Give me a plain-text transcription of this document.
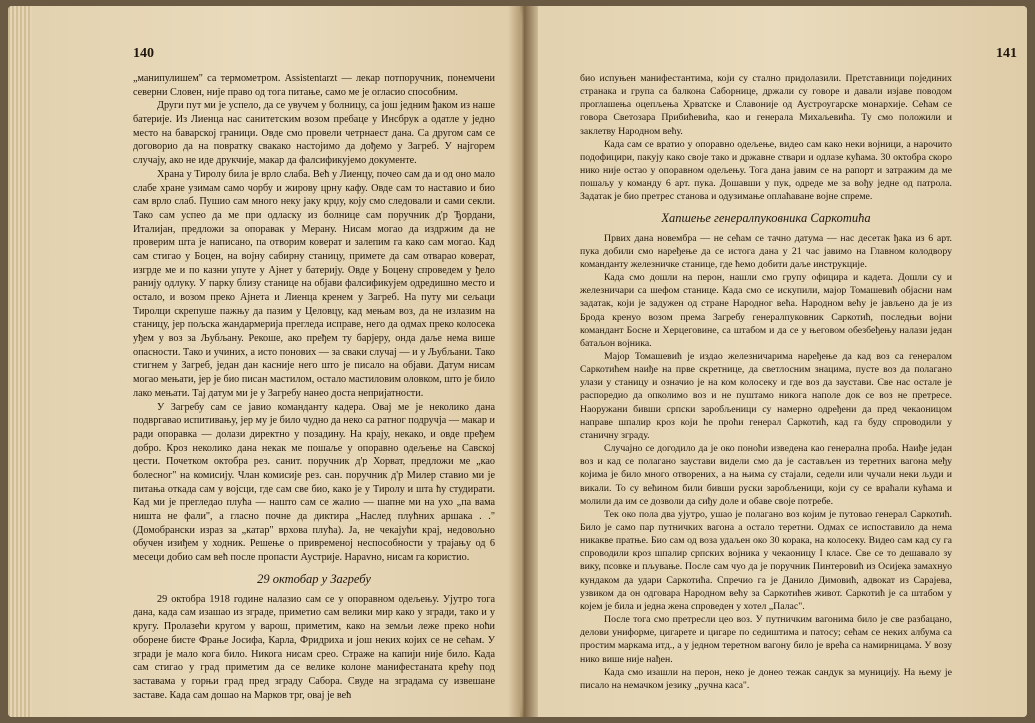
140

„манипулишем" са термометром. Assistentarzt — лекар потпоручник, понемчени северни Словен, није право од тога питање, само ме је огласио способним.

Други пут ми је успело, да се увучем у болницу, са још једним ђаком из наше батерије. Из Лиенца нас санитетским возом пребаце у Инсбрук а одатле у једно место на баварској граници. Овде смо провели четрнаест дана. Са другом сам се договорио да на повратку свакако настојимо да дођемо у Загреб. У најгорем случају, ако не иде друкчије, макар да фалсификујемо документе.

Храна у Тиролу била је врло слаба. Већ у Лиенцу, почео сам да и од оно мало слабе хране узимам само чорбу и жирову црну кафу. Овде сам то наставио и био сам врло слаб. Пушио сам много неку јаку крџу, коју смо следовали и сами секли. Тако сам успео да ме при одласку из болнице сам поручник д'р Ђордани, Италијан, предложи за опоравак у Мерану. Нисам могао да издржим да не проверим шта је написано, па отворим коверат и залепим га како сам могао. Кад сам стигао у Боцен, на војну сабирну станицу, примете да сам отварао коверат, изгрде ме и по казни упуте у Ајнет у батерију. Овде у Боцену спроведем у ђело ранију одлуку. У парку близу станице на објави фалсификујем одредишно место и остало, и возом преко Ајнета и Лиенца кренем у Загреб. На путу ми сељаци Тиролци скрепуше пажњу да пазим у Целовцу, кад мењам воз, да не излазим на станицу, јер пољска жандармерија прегледа исправе, него да одмах преко колосека уђем у воз за Љубљану. Рекоше, ако пређем ту барјеру, онда даље нема више опасности. Тако и учиних, а исто понових — за сваки случај — и у Љубљани. Тако стигнем у Загреб, један дан касније него што је писало на објави. Датум нисам могао мењати, јер је био писан мастилом, остало мастиловим оловком, што је било лако мењати. Тај датум ми је у Загребу нанео доста непријатности.

У Загребу сам се јавио команданту кадера. Овај ме је неколико дана подвргавао испитивању, јер му је било чудно да неко са ратног подручја — макар и ради опоравка — долази директно у позадину. На крају, некако, и овде пређем добро. Кроз неколико дана некак ме пошаље у опоравно одељење на Савској цести. Почетком октобра рез. санит. поручник д'р Хорват, предложи ме „као болесног" на комисију. Члан комисије рез. сан. поручник д'р Милер ставио ми је питања откада сам у војсци, где сам све био, како је у Тиролу и шта ћу студирати. Кад ми је прегледао плућа — нашто сам се жалио — шапне ми на ухо „па вама ништа не фали", а гласно почне да диктира „Наслед плућних аршака . ." (Домобрански израз за „катар" врхова плућа). Ја, не чекајући крај, недовољно обучен изиђем у ходник. Решење о привременој неспособности у трајању од 6 месеци добио сам већ после пропасти Аустрије. Нарavно, нисам га користио.

29 октобар у Загребу

29 октобра 1918 године налазио сам се у опоравном одељењу. Ујутро тога дана, када сам изашао из зграде, приметио сам велики мир како у згради, тако и у кругу. Пролазећи кругом у варош, приметим, како на земљи леже преко ноћи оборене бисте Фрање Јосифа, Карла, Фридриха и још неких којих се не сећам. У згради је мало кога било. Никога нисам срео. Страже на капији није било. Када сам стигао у град приметим да се велике колоне манифестаната крећу под заставама у горњи град пред зграду Сабора. Свуде на зградама су извешане заставе. Када сам дошао на Марков трг, овај је већ

141

био испуњен манифестантима, који су стално придолазили. Претставници појединих странака и група са балкона Саборнице, држали су говоре и давали изјаве поводом проглашења оцепљења Хрватске и Славоније од Аустроугарске монархије. Сећам се говора Светозара Прибићевића, као и генерала Михаљевића. Ту смо положили и заклетву Народном већу.

Када сам се вратио у опоравно одељење, видео сам како неки војници, а нарочито подофицири, пакују како своје тако и државне ствари и одлазе кућама. 30 октобра скоро нико није остао у опоравном одељењу. Тога дана јавим се на рапорт и затражим да ме пошаљу у команду 6 арт. пука. Дошавши у пук, одреде ме за вођу једне од патрола. Задатак је био претрес станова и одузимање оплаћаване војне спреме.

Хапшење генералпуковника Саркотића

Првих дана новембра — не сећам се тачно датума — нас десетак ђака из 6 арт. пука добили смо наређење да се истога дана у 21 час јавимо на Главном колодвору команданту железничке станице, где ћемо добити даље инструкције.

Када смо дошли на перон, нашли смо групу официра и кадета. Дошли су и железничари са шефом станице. Када смо се искупили, мајор Томашевић објасни нам задатак, који је задужен од стране Народног већа. Народном већу је јављено да је из Брода кренуо возом према Загребу генералпуковник Саркотић, последњи војни командант Босне и Херцеговине, са штабом и да се у његовом обезбеђењу налази један батаљон војника.

Мајор Томашевић је издао железничарима наређење да кад воз са генералом Саркотићем наиђе на прве скретнице, да светлосним знацима, пусте воз да полагано улази у станицу и означио је на ком колосеку и где воз да заустави. Све нас остале је распоредио да опколимо воз и не пуштамо никога наполе док се воз не претресе. Наоружани бивши српски заробљеници су намерно одређени да пред чекаоницом направе шпалир кроз који ће проћи генерал Саркотић, кад га буду спроводили у станичну зграду.

Случајно се догодило да је око поноћи изведена као генерална проба. Наиђе један воз и кад се полагано заустави видели смо да је састављен из теретних вагона међу којима је било много отворених, а на њима су стајали, седели или чучали неки људи и викали. То су већином били бивши руски заробљеници, који су се враћали кућама и молили да им се дозволи да сиђу доле и обаве своје потребе.

Тек око пола два ујутро, ушао је полагано воз којим је путовао генерал Саркотић. Било је само пар путничких вагона а остало теретни. Одмах се испоставило да нема никакве пратње. Био сам од воза удаљен око 30 корака, на колосеку. Видео сам кад су га спроводили кроз шпалир српских војника у чекаоницу I класе. Све се то дешавало зу вику, псовке и пљување. После сам чуо да је поручник Пинтеровић из Осијека замахнуо кундаком да удари Саркотића. Спречио га је Данило Димовић, адвокат из Сарајева, узвиком да он одговара Народном већу за Саркотићев живот. Саркотић је са штабом у којем је била и једна жена спроведен у хотел „Палас".

После тога смо претресли цео воз. У путничким вагонима било је све разбацано, делови униформе, цигарете и цигаре по седиштима и патосу; сећам се неких албума са простим маркама итд., а у једном теретном вагону било је врећа са намирницама. У возу нико више није нађен.

Када смо изашли на перон, неко је донео тежак сандук за муницију. На њему је писало на немачком језику „ручна каса".
